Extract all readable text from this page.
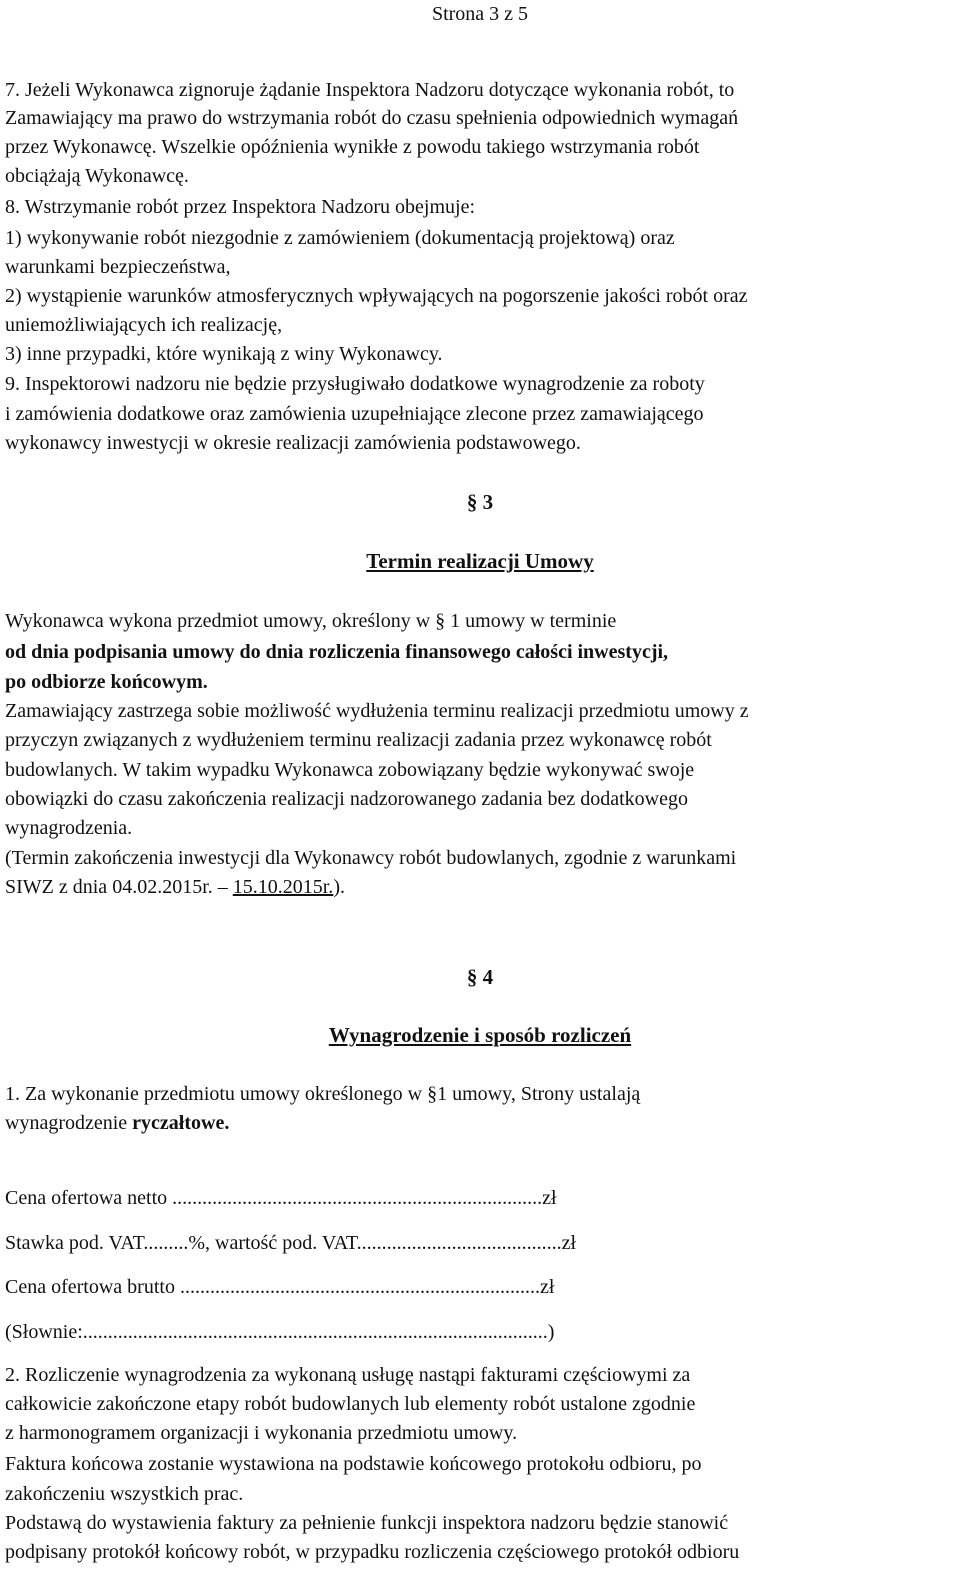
Strona 3 z 5
7. Jeżeli Wykonawca zignoruje żądanie Inspektora Nadzoru dotyczące wykonania robót, to
Zamawiający ma prawo do wstrzymania robót do czasu spełnienia odpowiednich wymagań
przez Wykonawcę. Wszelkie opóźnienia wynikłe z powodu takiego wstrzymania robót
obciążają Wykonawcę.
8. Wstrzymanie robót przez Inspektora Nadzoru obejmuje:
1) wykonywanie robót niezgodnie z zamówieniem (dokumentacją projektową) oraz
warunkami bezpieczeństwa,
2) wystąpienie warunków atmosferycznych wpływających na pogorszenie jakości robót oraz
uniemożliwiających ich realizację,
3) inne przypadki, które wynikają z winy Wykonawcy.
9. Inspektorowi nadzoru nie będzie przysługiwało dodatkowe wynagrodzenie za roboty
i zamówienia dodatkowe oraz zamówienia uzupełniające zlecone przez zamawiającego
wykonawcy inwestycji w okresie realizacji zamówienia podstawowego.
§ 3
Termin realizacji Umowy
Wykonawca wykona przedmiot umowy, określony w § 1 umowy w terminie
od dnia podpisania umowy do dnia rozliczenia finansowego całości inwestycji,
po odbiorze końcowym.
Zamawiający zastrzega sobie możliwość wydłużenia terminu realizacji przedmiotu umowy z
przyczyn związanych z wydłużeniem terminu realizacji zadania przez wykonawcę robót
budowlanych. W takim wypadku Wykonawca zobowiązany będzie wykonywać swoje
obowiązki do czasu zakończenia realizacji nadzorowanego zadania bez dodatkowego
wynagrodzenia.
(Termin zakończenia inwestycji dla Wykonawcy robót budowlanych, zgodnie z warunkami
SIWZ z dnia 04.02.2015r. – 15.10.2015r.).
§ 4
Wynagrodzenie i sposób rozliczeń
1. Za wykonanie przedmiotu umowy określonego w §1 umowy, Strony ustalają
wynagrodzenie ryczałtowe.
Cena ofertowa netto ..........................................................................zł
Stawka pod. VAT.........%, wartość pod. VAT.........................................zł
Cena ofertowa brutto ........................................................................zł
(Słownie:.............................................................................................)
2. Rozliczenie wynagrodzenia za wykonaną usługę nastąpi fakturami częściowymi za
całkowicie zakończone etapy robót budowlanych lub elementy robót ustalone zgodnie
z harmonogramem organizacji i wykonania przedmiotu umowy.
Faktura końcowa zostanie wystawiona na podstawie końcowego protokołu odbioru, po
zakończeniu wszystkich prac.
Podstawą do wystawienia faktury za pełnienie funkcji inspektora nadzoru będzie stanowić
podpisany protokół końcowy robót, w przypadku rozliczenia częściowego protokół odbioru
